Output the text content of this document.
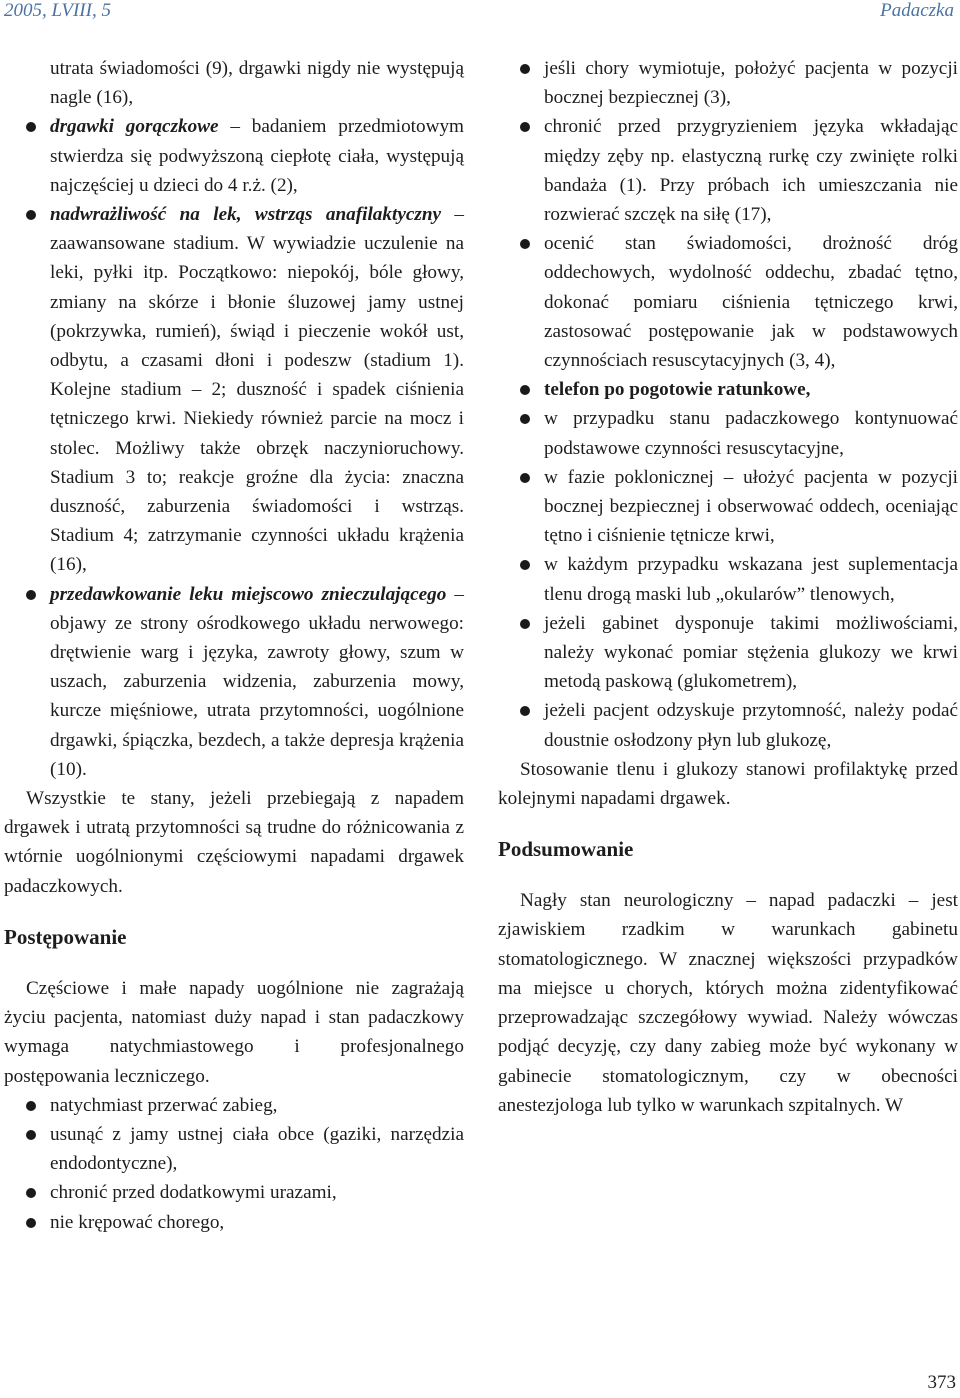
2005, LVIII, 5	Padaczka

utrata świadomości (9), drgawki nigdy nie występują nagle (16),

drgawki gorączkowe – badaniem przedmiotowym stwierdza się podwyższoną ciepłotę ciała, występują najczęściej u dzieci do 4 r.ż. (2),
nadwrażliwość na lek, wstrząs anafilaktyczny – zaawansowane stadium. W wywiadzie uczulenie na leki, pyłki itp. Początkowo: niepokój, bóle głowy, zmiany na skórze i błonie śluzowej jamy ustnej (pokrzywka, rumień), świąd i pieczenie wokół ust, odbytu, a czasami dłoni i podeszw (stadium 1). Kolejne stadium – 2; duszność i spadek ciśnienia tętniczego krwi. Niekiedy również parcie na mocz i stolec. Możliwy także obrzęk naczynioruchowy. Stadium 3 to; reakcje groźne dla życia: znaczna duszność, zaburzenia świadomości i wstrząs. Stadium 4; zatrzymanie czynności układu krążenia (16),
przedawkowanie leku miejscowo znieczulającego – objawy ze strony ośrodkowego układu nerwowego: drętwienie warg i języka, zawroty głowy, szum w uszach, zaburzenia widzenia, zaburzenia mowy, kurcze mięśniowe, utrata przytomności, uogólnione drgawki, śpiączka, bezdech, a także depresja krążenia (10).

Wszystkie te stany, jeżeli przebiegają z napadem drgawek i utratą przytomności są trudne do różnicowania z wtórnie uogólnionymi częściowymi napadami drgawek padaczkowych.

Postępowanie

Częściowe i małe napady uogólnione nie zagrażają życiu pacjenta, natomiast duży napad i stan padaczkowy wymaga natychmiastowego i profesjonalnego postępowania leczniczego.

natychmiast przerwać zabieg,
usunąć z jamy ustnej ciała obce (gaziki, narzędzia endodontyczne),
chronić przed dodatkowymi urazami,
nie krępować chorego,
jeśli chory wymiotuje, położyć pacjenta w pozycji bocznej bezpiecznej (3),
chronić przed przygryzieniem języka wkładając między zęby np. elastyczną rurkę czy zwinięte rolki bandaża (1). Przy próbach ich umieszczania nie rozwierać szczęk na siłę (17),
ocenić stan świadomości, drożność dróg oddechowych, wydolność oddechu, zbadać tętno, dokonać pomiaru ciśnienia tętniczego krwi, zastosować postępowanie jak w podstawowych czynnościach resuscytacyjnych (3, 4),
telefon po pogotowie ratunkowe,
w przypadku stanu padaczkowego kontynuować podstawowe czynności resuscytacyjne,
w fazie poklonicznej – ułożyć pacjenta w pozycji bocznej bezpiecznej i obserwować oddech, oceniając tętno i ciśnienie tętnicze krwi,
w każdym przypadku wskazana jest suplementacja tlenu drogą maski lub „okularów” tlenowych,
jeżeli gabinet dysponuje takimi możliwościami, należy wykonać pomiar stężenia glukozy we krwi metodą paskową (glukometrem),
jeżeli pacjent odzyskuje przytomność, należy podać doustnie osłodzony płyn lub glukozę,

Stosowanie tlenu i glukozy stanowi profilaktykę przed kolejnymi napadami drgawek.

Podsumowanie

Nagły stan neurologiczny – napad padaczki – jest zjawiskiem rzadkim w warunkach gabinetu stomatologicznego. W znacznej większości przypadków ma miejsce u chorych, których można zidentyfikować przeprowadzając szczegółowy wywiad. Należy wówczas podjąć decyzję, czy dany zabieg może być wykonany w gabinecie stomatologicznym, czy w obecności anestezjologa lub tylko w warunkach szpitalnych. W

373
